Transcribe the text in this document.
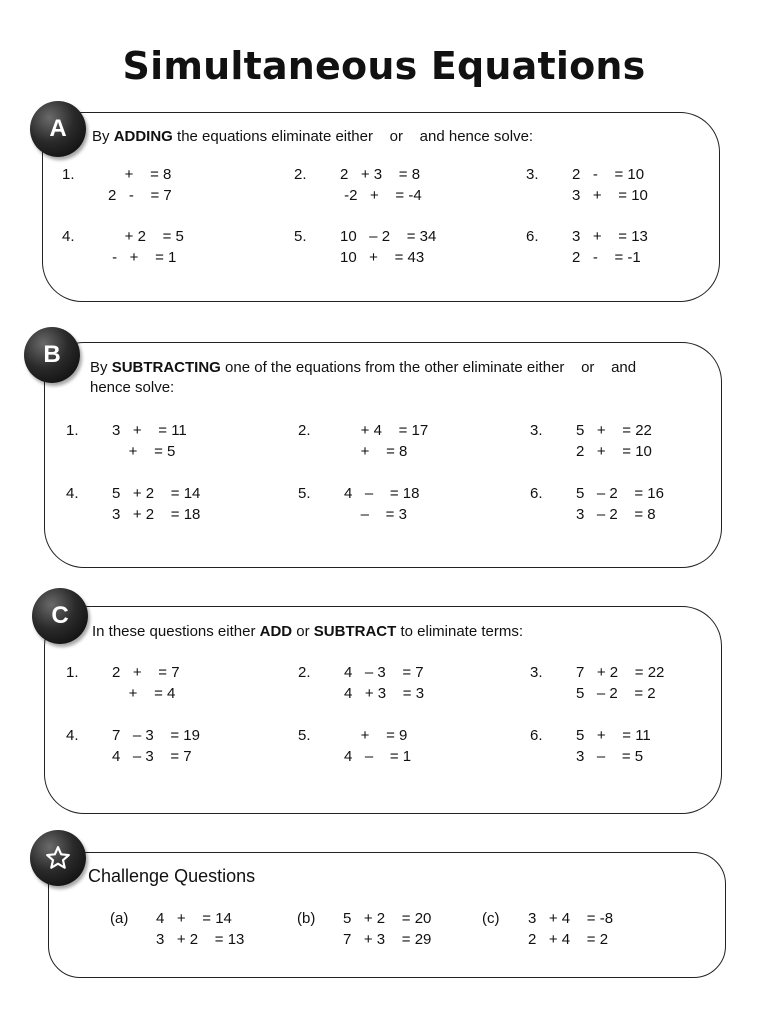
Simultaneous Equations
A	By ADDING the equations eliminate either    or    and hence solve:
1. +    = 8
2   -    = 7
2. 2   + 3    = 8
-2   +    = -4
3. 2   -    = 10
3   +    = 10
4. + 2    = 5
-   +    = 1
5. 10   – 2    = 34
10   +    = 43
6. 3   +    = 13
2   -    = -1
B	By SUBTRACTING one of the equations from the other eliminate either    or    and
hence solve:
1. 3   +    = 11
+    = 5
2. + 4    = 17
+    = 8
3. 5   +    = 22
2   +    = 10
4. 5   + 2    = 14
3   + 2    = 18
5. 4   –    = 18
–    = 3
6. 5   – 2    = 16
3   – 2    = 8
C
In these questions either ADD or SUBTRACT to eliminate terms:
1. 2   +    = 7
+    = 4
2. 4   – 3    = 7
4   + 3    = 3
3. 7   + 2    = 22
5   – 2    = 2
4. 7   – 3    = 19
4   – 3    = 7
5. +    = 9
4   –    = 1
6. 5   +    = 11
3   –    = 5
Challenge Questions
(a) 4   +    = 14
3   + 2    = 13
(b) 5   + 2    = 20
7   + 3    = 29
(c) 3   + 4    = -8
2   + 4    = 2
